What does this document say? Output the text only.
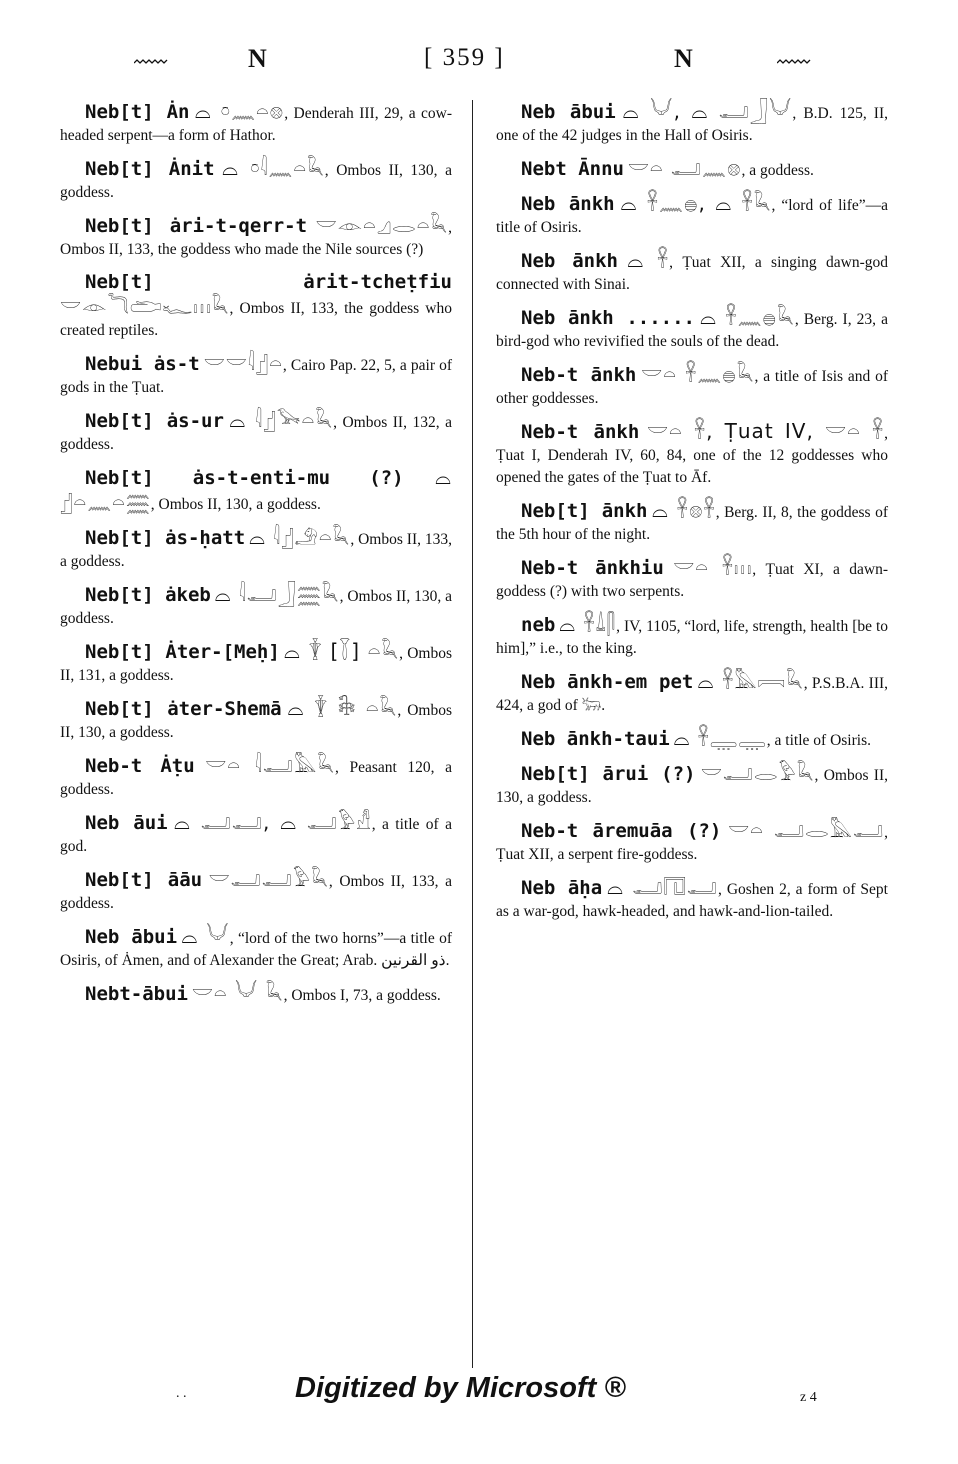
N	[ 359 ]	N
Neb[t] Ȧn ⌓ 𓏌𓈖𓏏𓊖, Denderah III, 29, a cow-headed serpent—a form of Hathor.
Neb[t] Ȧnit ⌓ 𓏌𓇋𓈖𓏏𓆗, Ombos II, 130, a goddess.
Neb[t] ȧri-t-qerr-t 𓎟𓁹𓏏𓈎𓂋𓏏𓆗, Ombos II, 133, the goddess who made the Nile sources (?)
Neb[t] ȧrit-tcheṭfiu 𓎟𓁹𓆓𓂧𓆑𓏥𓆗, Ombos II, 133, the goddess who created reptiles.
Nebui ȧs-t 𓎟𓎟𓇋𓊨𓏏, Cairo Pap. 22, 5, a pair of gods in the Ṭuat.
Neb[t] ȧs-ur ⌓ 𓇋𓊨𓅨𓏏𓆗, Ombos II, 132, a goddess.
Neb[t] ȧs-t-enti-mu (?) ⌓ 𓊨𓏏𓈖𓏏𓈗, Ombos II, 130, a goddess.
Neb[t] ȧs-ḥatt ⌓ 𓇋𓊨𓄂𓏏𓆗, Ombos II, 133, a goddess.
Neb[t] ȧkeb ⌓ 𓇋𓂝𓃀𓈗𓆗, Ombos II, 130, a goddess.
Neb[t] Ȧter-[Meḥ] ⌓ 𓇉 [𓇅] 𓏏𓆗, Ombos II, 131, a goddess.
Neb[t] ȧter-Shemā ⌓ 𓇉 𓇗 𓏏𓆗, Ombos II, 130, a goddess.
Neb-t Ȧṭu 𓎟𓏏 𓇋𓂝𓅓𓆗, Peasant 120, a goddess.
Neb āui ⌓ 𓂝𓂝, ⌓ 𓂝𓅱𓀭, a title of a god.
Neb[t] āāu 𓎟𓂝𓂝𓅱𓆗, Ombos II, 133, a goddess.
Neb ābui ⌓ 𓄋, “lord of the two horns”—a title of Osiris, of Ȧmen, and of Alexander the Great; Arab. ذو القرنين.
Nebt-ābui 𓎟𓏏 𓄋 𓆗, Ombos I, 73, a goddess.
Neb ābui ⌓ 𓄋, ⌓ 𓂝𓃀𓄋, B.D. 125, II, one of the 42 judges in the Hall of Osiris.
Nebt Ānnu 𓎟𓏏 𓂝𓈖𓊖, a goddess.
Neb ānkh ⌓ 𓋹𓈖𓐍, ⌓ 𓋹𓆗, “lord of life”—a title of Osiris.
Neb ānkh ⌓ 𓋹, Ṭuat XII, a singing dawn-god connected with Sinai.
Neb ānkh ...... ⌓ 𓋹𓈖𓐍𓆗, Berg. I, 23, a bird-god who revivified the souls of the dead.
Neb-t ānkh 𓎟𓏏 𓋹𓈖𓐍𓆗, a title of Isis and of other goddesses.
Neb-t ānkh 𓎟𓏏 𓋹, Ṭuat IV, 𓎟𓏏 𓋹, Ṭuat I, Denderah IV, 60, 84, one of the 12 goddesses who opened the gates of the Ṭuat to Āf.
Neb[t] ānkh ⌓ 𓋹𓊖𓋹, Berg. II, 8, the goddess of the 5th hour of the night.
Neb-t ānkhiu 𓎟𓏏 𓋹𓏥, Ṭuat XI, a dawn-goddess (?) with two serpents.
neb ⌓ 𓋹𓍑𓋴, IV, 1105, “lord, life, strength, health [be to him],” i.e., to the king.
Neb ānkh-em pet ⌓ 𓋹𓅓𓇯𓆗, P.S.B.A. III, 424, a god of 𓃒.
Neb ānkh-taui ⌓ 𓋹𓇾𓇾, a title of Osiris.
Neb[t] ārui (?) 𓎟𓂝𓂋𓅱𓆗, Ombos II, 130, a goddess.
Neb-t āremuāa (?) 𓎟𓏏 𓂝𓂋𓅓𓂝, Ṭuat XII, a serpent fire-goddess.
Neb āḥa ⌓ 𓂝𓉔𓂝, Goshen 2, a form of Sept as a war-god, hawk-headed, and hawk-and-lion-tailed.
. .	Digitized by Microsoft ®	z 4
